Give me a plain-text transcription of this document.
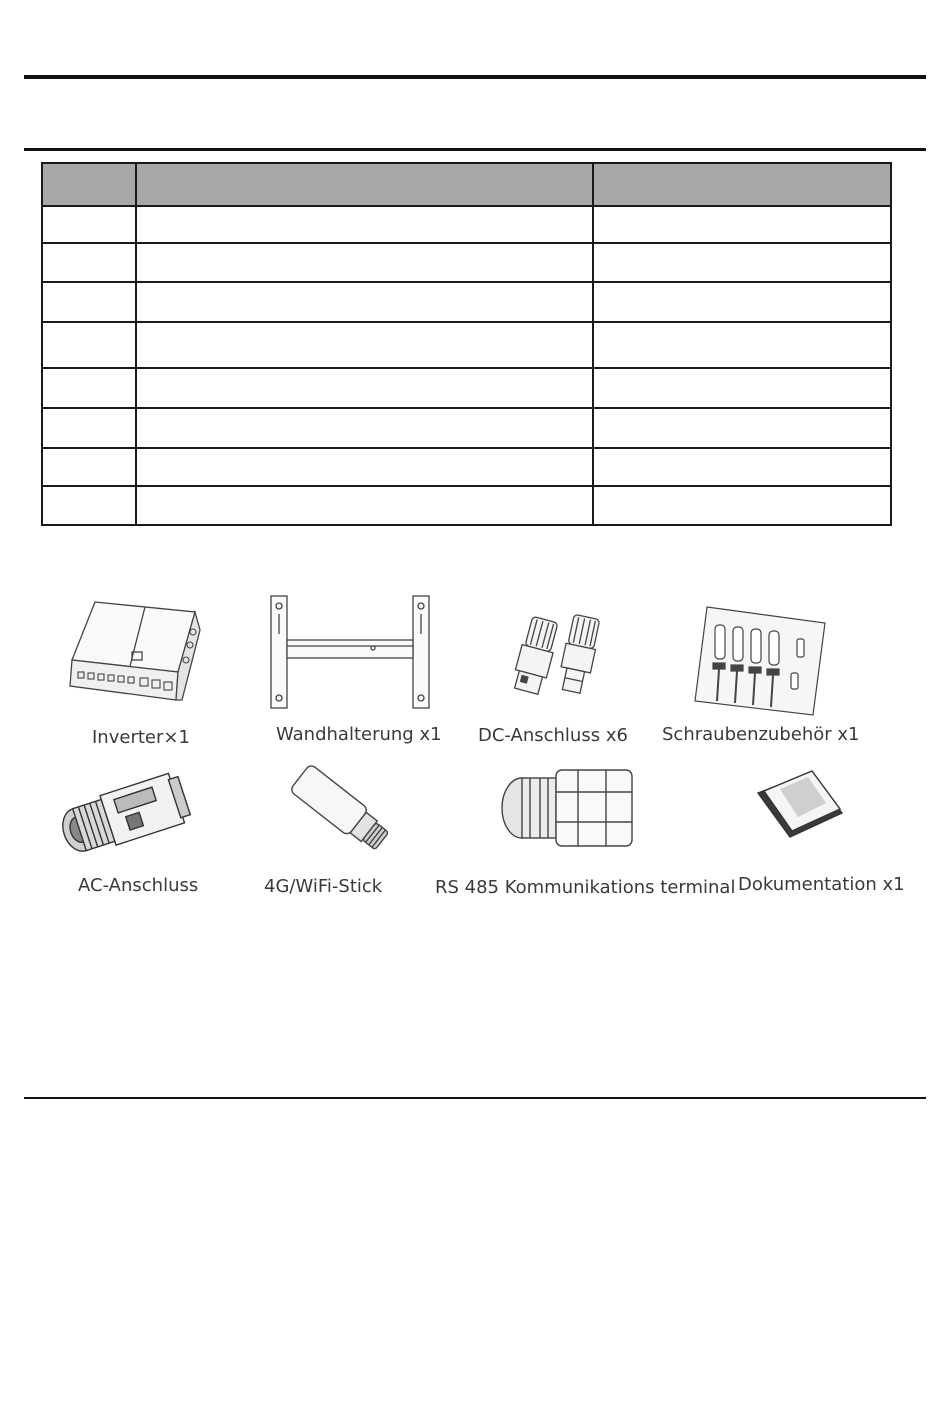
Inverter×1	Wandhalterung x1 DC-Anschluss x6 Schraubenzubehör x1
AC-Anschluss	4G/WiFi-Stick	RS 485 Kommunikations terminal Dokumentation x1
